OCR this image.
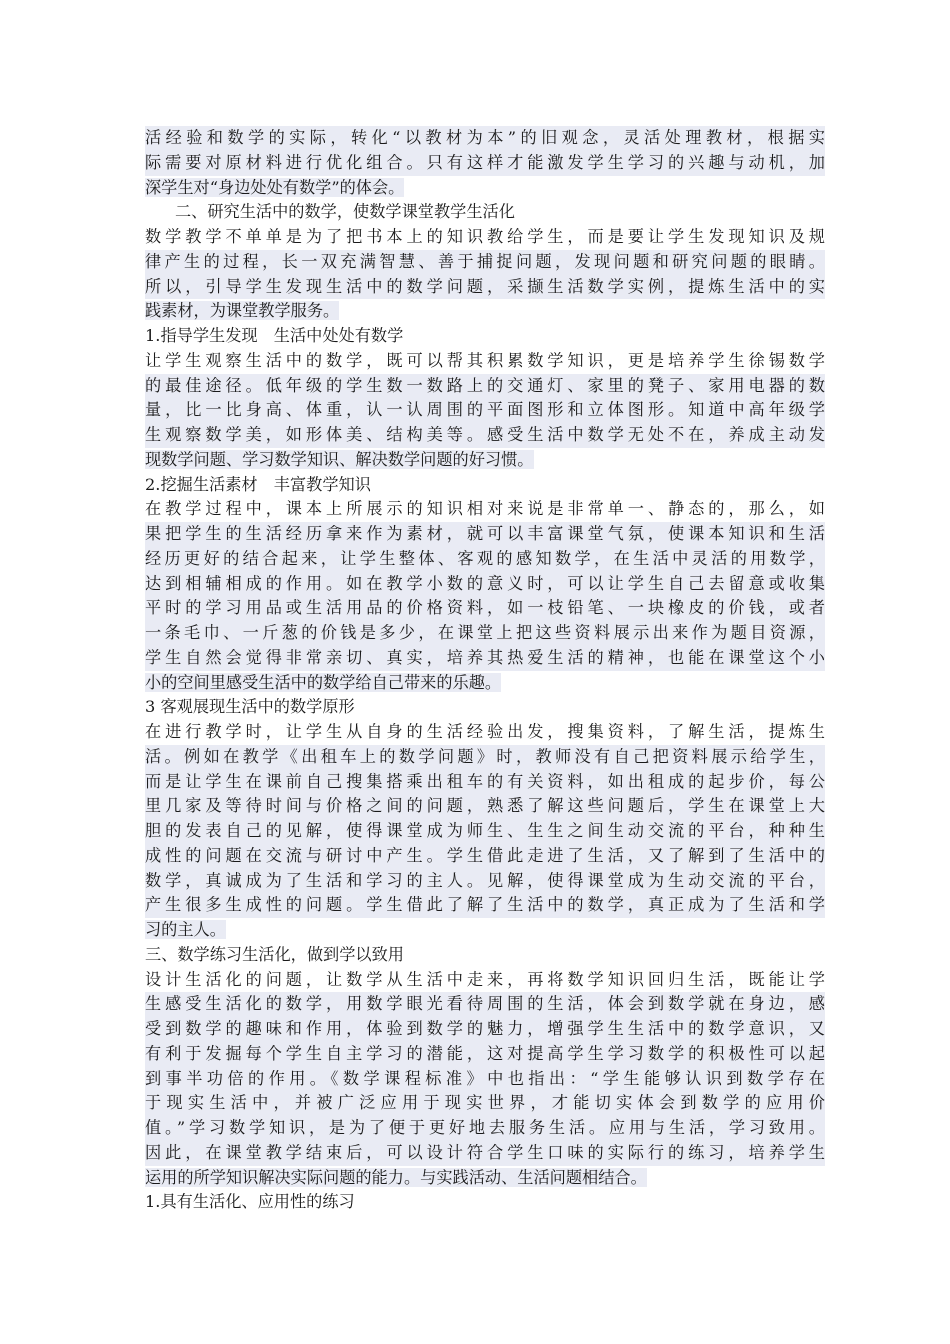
活经验和数学的实际，转化“以教材为本”的旧观念，灵活处理教材，根据实
际需要对原材料进行优化组合。只有这样才能激发学生学习的兴趣与动机，加
深学生对“身边处处有数学”的体会。
二、研究生活中的数学，使数学课堂教学生活化
数学教学不单单是为了把书本上的知识教给学生，而是要让学生发现知识及规
律产生的过程，长一双充满智慧、善于捕捉问题，发现问题和研究问题的眼睛。
所以，引导学生发现生活中的数学问题，采撷生活数学实例，提炼生活中的实
践素材，为课堂教学服务。
1.指导学生发现　生活中处处有数学
让学生观察生活中的数学，既可以帮其积累数学知识，更是培养学生徐锡数学
的最佳途径。低年级的学生数一数路上的交通灯、家里的凳子、家用电器的数
量，比一比身高、体重，认一认周围的平面图形和立体图形。知道中高年级学
生观察数学美，如形体美、结构美等。感受生活中数学无处不在，养成主动发
现数学问题、学习数学知识、解决数学问题的好习惯。
2.挖掘生活素材　丰富教学知识
在教学过程中，课本上所展示的知识相对来说是非常单一、静态的，那么，如
果把学生的生活经历拿来作为素材，就可以丰富课堂气氛，使课本知识和生活
经历更好的结合起来，让学生整体、客观的感知数学，在生活中灵活的用数学，
达到相辅相成的作用。如在教学小数的意义时，可以让学生自己去留意或收集
平时的学习用品或生活用品的价格资料，如一枝铅笔、一块橡皮的价钱，或者
一条毛巾、一斤葱的价钱是多少，在课堂上把这些资料展示出来作为题目资源，
学生自然会觉得非常亲切、真实，培养其热爱生活的精神，也能在课堂这个小
小的空间里感受生活中的数学给自己带来的乐趣。
3 客观展现生活中的数学原形
在进行教学时，让学生从自身的生活经验出发，搜集资料，了解生活，提炼生
活。例如在教学《出租车上的数学问题》时，教师没有自己把资料展示给学生，
而是让学生在课前自己搜集搭乘出租车的有关资料，如出租成的起步价，每公
里几家及等待时间与价格之间的问题，熟悉了解这些问题后，学生在课堂上大
胆的发表自己的见解，使得课堂成为师生、生生之间生动交流的平台，种种生
成性的问题在交流与研讨中产生。学生借此走进了生活，又了解到了生活中的
数学，真诚成为了生活和学习的主人。见解，使得课堂成为生动交流的平台，
产生很多生成性的问题。学生借此了解了生活中的数学，真正成为了生活和学
习的主人。
三、数学练习生活化，做到学以致用
设计生活化的问题，让数学从生活中走来，再将数学知识回归生活，既能让学
生感受生活化的数学，用数学眼光看待周围的生活，体会到数学就在身边，感
受到数学的趣味和作用，体验到数学的魅力，增强学生生活中的数学意识，又
有利于发掘每个学生自主学习的潜能，这对提高学生学习数学的积极性可以起
到事半功倍的作用。《数学课程标准》中也指出：“学生能够认识到数学存在
于现实生活中，并被广泛应用于现实世界，才能切实体会到数学的应用价
值。”学习数学知识，是为了便于更好地去服务生活。应用与生活，学习致用。
因此，在课堂教学结束后，可以设计符合学生口味的实际行的练习，培养学生
运用的所学知识解决实际问题的能力。与实践活动、生活问题相结合。
1.具有生活化、应用性的练习
